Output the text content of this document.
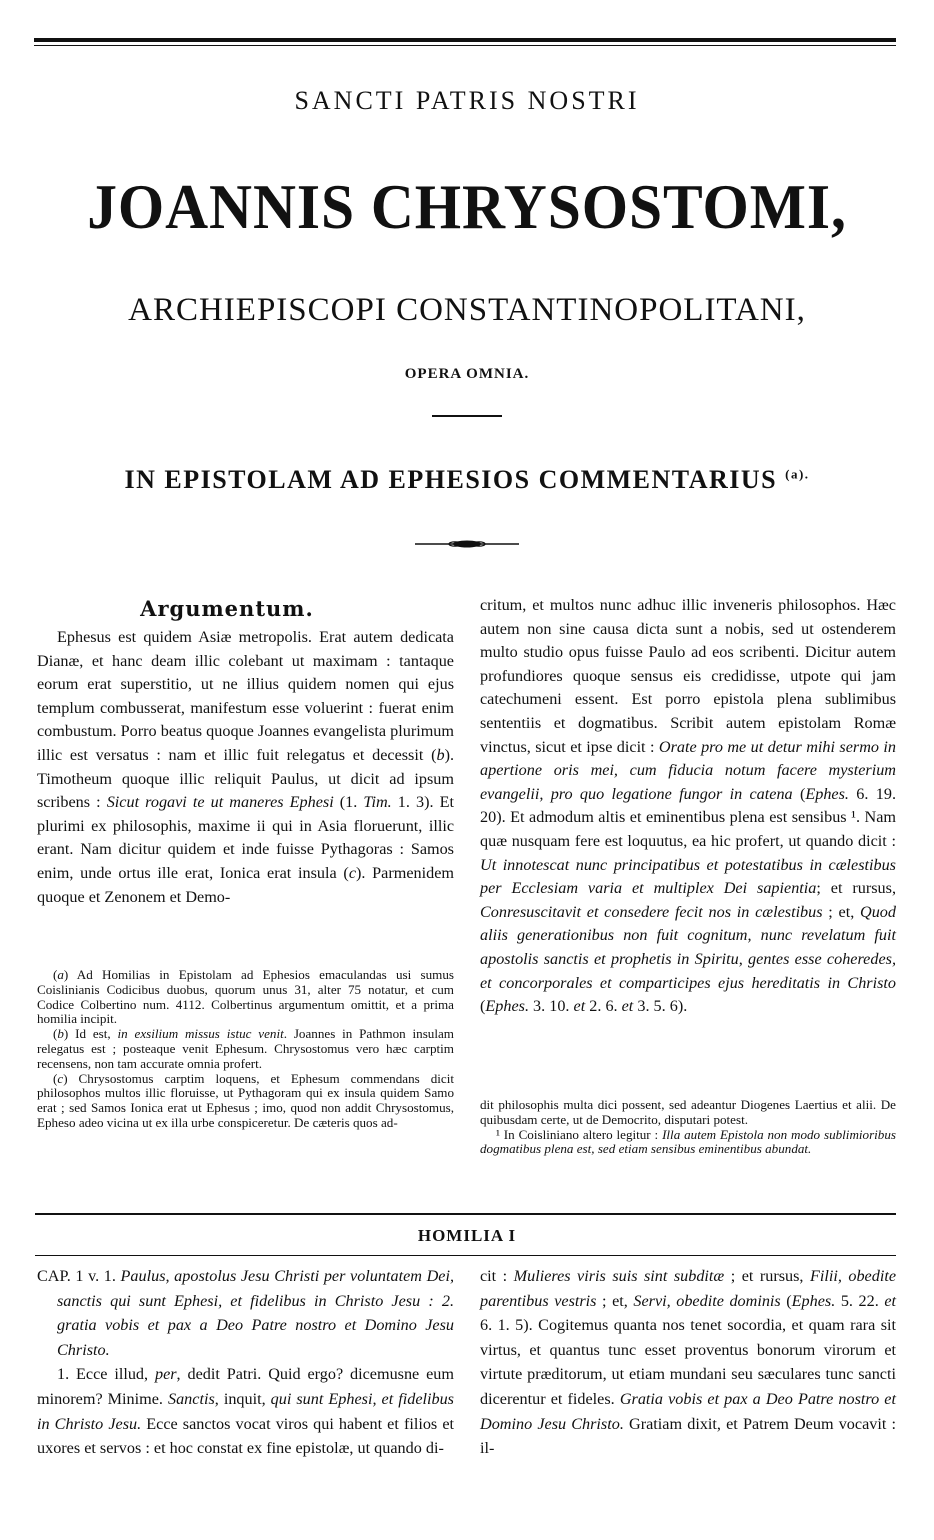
SANCTI PATRIS NOSTRI
JOANNIS CHRYSOSTOMI,
ARCHIEPISCOPI CONSTANTINOPOLITANI,
OPERA OMNIA.
IN EPISTOLAM AD EPHESIOS COMMENTARIUS $^{(a).}$
Argumentum.

Ephesus est quidem Asiæ metropolis. Erat autem dedicata Dianæ, et hanc deam illic colebant ut maximam : tantaque eorum erat superstitio, ut ne illius quidem nomen qui ejus templum combusserat, manifestum esse voluerint : fuerat enim combustum. Porro beatus quoque Joannes evangelista plurimum illic est versatus : nam et illic fuit relegatus et decessit (b). Timotheum quoque illic reliquit Paulus, ut dicit ad ipsum scribens : Sicut rogavi te ut maneres Ephesi (1. Tim. 1. 3). Et plurimi ex philosophis, maxime ii qui in Asia floruerunt, illic erant. Nam dicitur quidem et inde fuisse Pythagoras : Samos enim, unde ortus ille erat, Ionica erat insula (c). Parmenidem quoque et Zenonem et Demo-

critum, et multos nunc adhuc illic inveneris philosophos. Hæc autem non sine causa dicta sunt a nobis, sed ut ostenderem multo studio opus fuisse Paulo ad eos scribenti. Dicitur autem profundiores quoque sensus eis credidisse, utpote qui jam catechumeni essent. Est porro epistola plena sublimibus sententiis et dogmatibus. Scribit autem epistolam Romæ vinctus, sicut et ipse dicit : Orate pro me ut detur mihi sermo in apertione oris mei, cum fiducia notum facere mysterium evangelii, pro quo legatione fungor in catena (Ephes. 6. 19. 20). Et admodum altis et eminentibus plena est sensibus ¹. Nam quæ nusquam fere est loquutus, ea hic profert, ut quando dicit : Ut innotescat nunc principatibus et potestatibus in cælestibus per Ecclesiam varia et multiplex Dei sapientia; et rursus, Conresuscitavit et consedere fecit nos in cælestibus ; et, Quod aliis generationibus non fuit cognitum, nunc revelatum fuit apostolis sanctis et prophetis in Spiritu, gentes esse coheredes, et concorporales et comparticipes ejus hereditatis in Christo (Ephes. 3. 10. et 2. 6. et 3. 5. 6).

(a) Ad Homilias in Epistolam ad Ephesios emaculandas usi sumus Coislinianis Codicibus duobus, quorum unus 31, alter 75 notatur, et cum Codice Colbertino num. 4112. Colbertinus argumentum omittit, et a prima homilia incipit.

(b) Id est, in exsilium missus istuc venit. Joannes in Pathmon insulam relegatus est ; posteaque venit Ephesum. Chrysostomus vero hæc carptim recensens, non tam accurate omnia profert.

(c) Chrysostomus carptim loquens, et Ephesum commendans dicit philosophos multos illic floruisse, ut Pythagoram qui ex insula quidem Samo erat ; sed Samos Ionica erat ut Ephesus ; imo, quod non addit Chrysostomus, Epheso adeo vicina ut ex illa urbe conspiceretur. De cæteris quos ad-

dit philosophis multa dici possent, sed adeantur Diogenes Laertius et alii. De quibusdam certe, ut de Democrito, disputari potest.

¹ In Coisliniano altero legitur : Illa autem Epistola non modo sublimioribus dogmatibus plena est, sed etiam sensibus eminentibus abundat.

HOMILIA I

CAP. 1 v. 1. Paulus, apostolus Jesu Christi per voluntatem Dei, sanctis qui sunt Ephesi, et fidelibus in Christo Jesu : 2. gratia vobis et pax a Deo Patre nostro et Domino Jesu Christo.

1. Ecce illud, per, dedit Patri. Quid ergo? dicemusne eum minorem? Minime. Sanctis, inquit, qui sunt Ephesi, et fidelibus in Christo Jesu. Ecce sanctos vocat viros qui habent et filios et uxores et servos : et hoc constat ex fine epistolæ, ut quando di-

cit : Mulieres viris suis sint subditæ ; et rursus, Filii, obedite parentibus vestris ; et, Servi, obedite dominis (Ephes. 5. 22. et 6. 1. 5). Cogitemus quanta nos tenet socordia, et quam rara sit virtus, et quantus tunc esset proventus bonorum virorum et virtute præditorum, ut etiam mundani seu sæculares tunc sancti dicerentur et fideles. Gratia vobis et pax a Deo Patre nostro et Domino Jesu Christo. Gratiam dixit, et Patrem Deum vocavit : il-
